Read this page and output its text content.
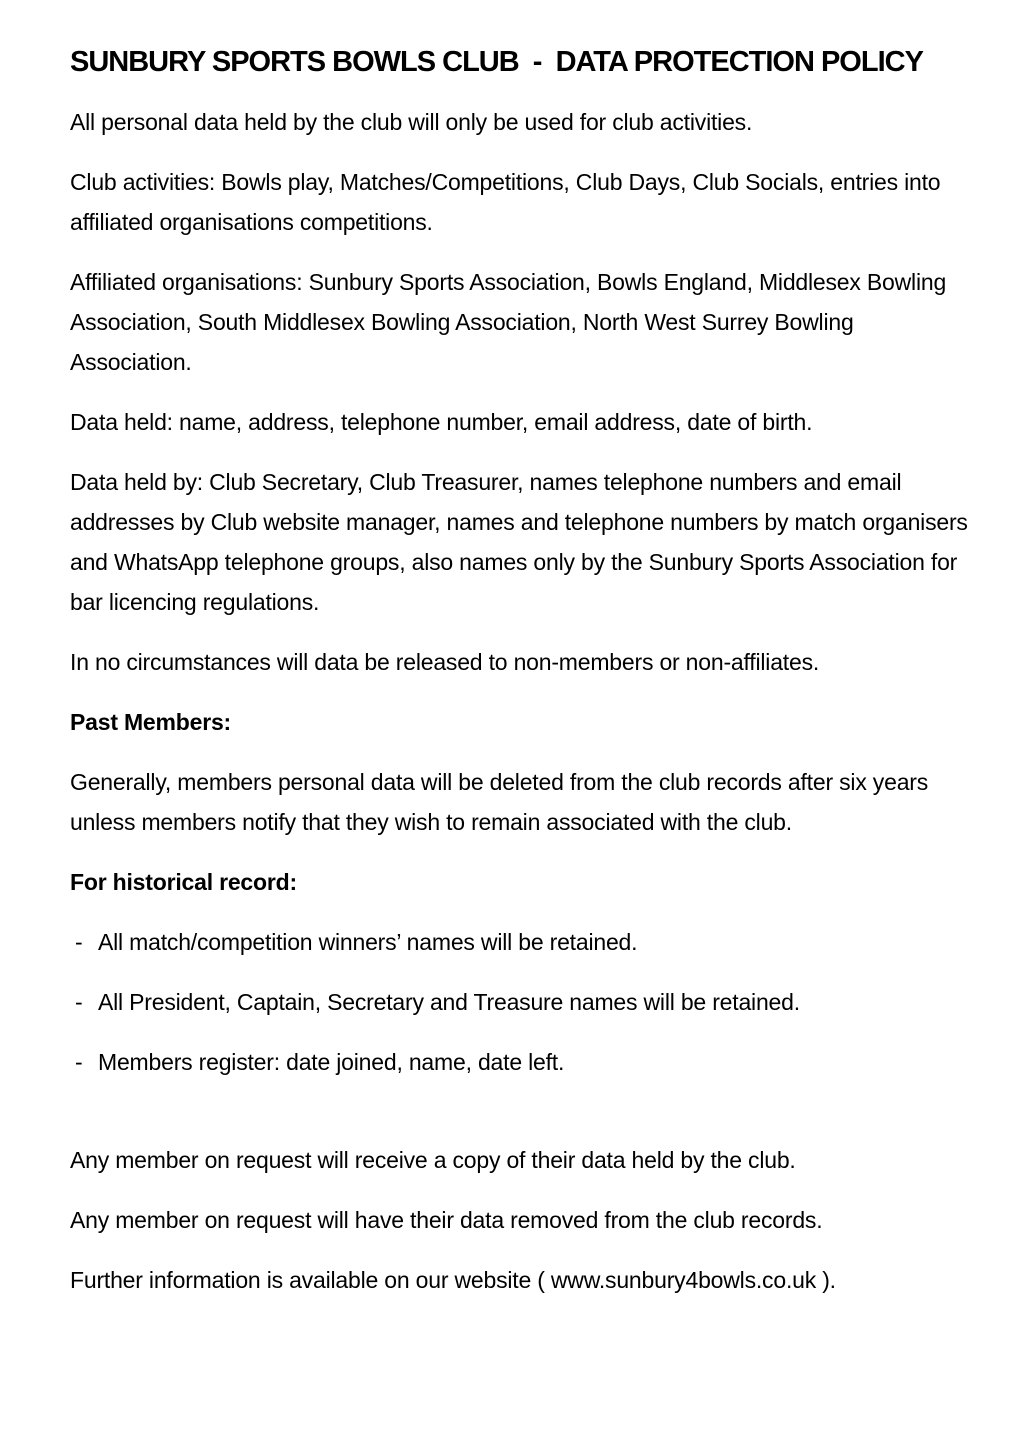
SUNBURY SPORTS BOWLS CLUB  -  DATA PROTECTION POLICY

All personal data held by the club will only be used for club activities.

Club activities: Bowls play, Matches/Competitions, Club Days, Club Socials, entries into affiliated organisations competitions.

Affiliated organisations: Sunbury Sports Association, Bowls England, Middlesex Bowling Association, South Middlesex Bowling Association, North West Surrey Bowling Association.

Data held: name, address, telephone number, email address, date of birth.

Data held by: Club Secretary, Club Treasurer, names telephone numbers and email addresses by Club website manager, names and telephone numbers by match organisers and WhatsApp telephone groups, also names only by the Sunbury Sports Association for bar licencing regulations.

In no circumstances will data be released to non-members or non-affiliates.

Past Members:

Generally, members personal data will be deleted from the club records after six years unless members notify that they wish to remain associated with the club.

For historical record:
- All match/competition winners’ names will be retained.
- All President, Captain, Secretary and Treasure names will be retained.
- Members register: date joined, name, date left.

Any member on request will receive a copy of their data held by the club.

Any member on request will have their data removed from the club records.

Further information is available on our website ( www.sunbury4bowls.co.uk ).
